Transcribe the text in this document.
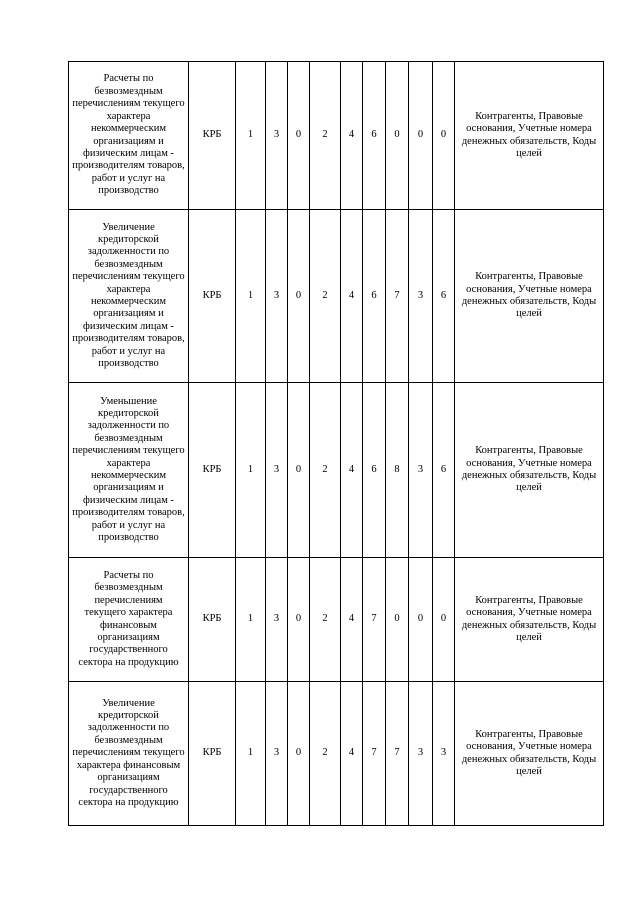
Расчеты по безвозмездным перечислениям текущего характера некоммерческим организациям и физическим лицам - производителям товаров, работ и услуг на производство	КРБ	1	3	0	2	4	6	0	0	0	Контрагенты, Правовые основания, Учетные номера денежных обязательств, Коды целей

Увеличение кредиторской задолженности по безвозмездным перечислениям текущего характера некоммерческим организациям и физическим лицам - производителям товаров, работ и услуг на производство	КРБ	1	3	0	2	4	6	7	3	6	Контрагенты, Правовые основания, Учетные номера денежных обязательств, Коды целей

Уменьшение кредиторской задолженности по безвозмездным перечислениям текущего характера некоммерческим организациям и физическим лицам - производителям товаров, работ и услуг на производство	КРБ	1	3	0	2	4	6	8	3	6	Контрагенты, Правовые основания, Учетные номера денежных обязательств, Коды целей

Расчеты по безвозмездным перечислениям текущего характера финансовым организациям государственного сектора на продукцию	КРБ	1	3	0	2	4	7	0	0	0	Контрагенты, Правовые основания, Учетные номера денежных обязательств, Коды целей

Увеличение кредиторской задолженности по безвозмездным перечислениям текущего характера финансовым организациям государственного сектора на продукцию	КРБ	1	3	0	2	4	7	7	3	3	Контрагенты, Правовые основания, Учетные номера денежных обязательств, Коды целей
